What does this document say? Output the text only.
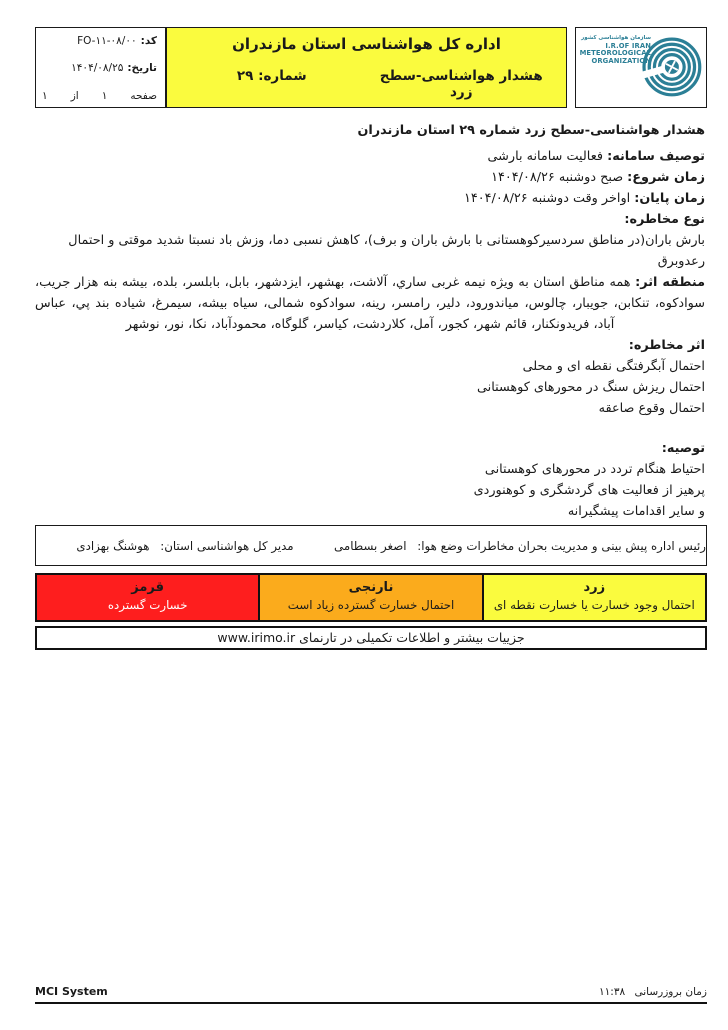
کد:
FO-۱۱-۰۸/۰۰
تاریخ:
۱۴۰۴/۰۸/۲۵
صفحه
۱
از
۱
اداره کل هواشناسی استان مازندران
هشدار هواشناسی-سطح زرد
شماره: ۲۹
سازمان هواشناسی کشور
I.R.OF IRAN
METEOROLOGICAL
ORGANIZATION

هشدار هواشناسی-سطح زرد شماره ۲۹ استان مازندران

توصیف سامانه: فعالیت سامانه بارشی

زمان شروع: صبح دوشنبه ۱۴۰۴/۰۸/۲۶

زمان پایان: اواخر وقت دوشنبه ۱۴۰۴/۰۸/۲۶

نوع مخاطره:

بارش باران(در مناطق سردسیرکوهستانی با بارش باران و برف)، کاهش نسبی دما، وزش باد نسبتا شدید موقتی و احتمال رعدوبرق

منطقه اثر: همه مناطق استان به ویژه نیمه غربی ساري، آلاشت، بهشهر، ایزدشهر، بابل، بابلسر، بلده، بیشه بنه هزار جریب، سوادکوه، تنکابن، جویبار، چالوس، میاندورود، دلیر، رامسر، رینه، سوادکوه شمالی، سیاه بیشه، سیمرغ، شیاده بند پي، عباس آباد، فریدونکنار، قائم شهر، کجور، آمل، کلاردشت، کیاسر، گلوگاه، محمودآباد، نکا، نور، نوشهر

اثر مخاطره:

احتمال آبگرفتگی نقطه ای و محلی

احتمال ریزش سنگ در محورهای کوهستانی

احتمال وقوع صاعقه

توصیه:

احتیاط هنگام تردد در محورهای کوهستانی

پرهیز از فعالیت های گردشگری و کوهنوردی

و سایر اقدامات پیشگیرانه

رئیس اداره پیش بینی و مدیریت بحران مخاطرات وضع هوا: اصغر بسطامی
مدیر کل هواشناسی استان: هوشنگ بهزادی
زرد
احتمال وجود خسارت یا خسارت نقطه ای
نارنجی
احتمال خسارت گسترده زیاد است
قرمز
خسارت گسترده
جزییات بیشتر و اطلاعات تکمیلی در تارنمای www.irimo.ir
MCI System	زمان بروزرسانی ۱۱:۳۸
